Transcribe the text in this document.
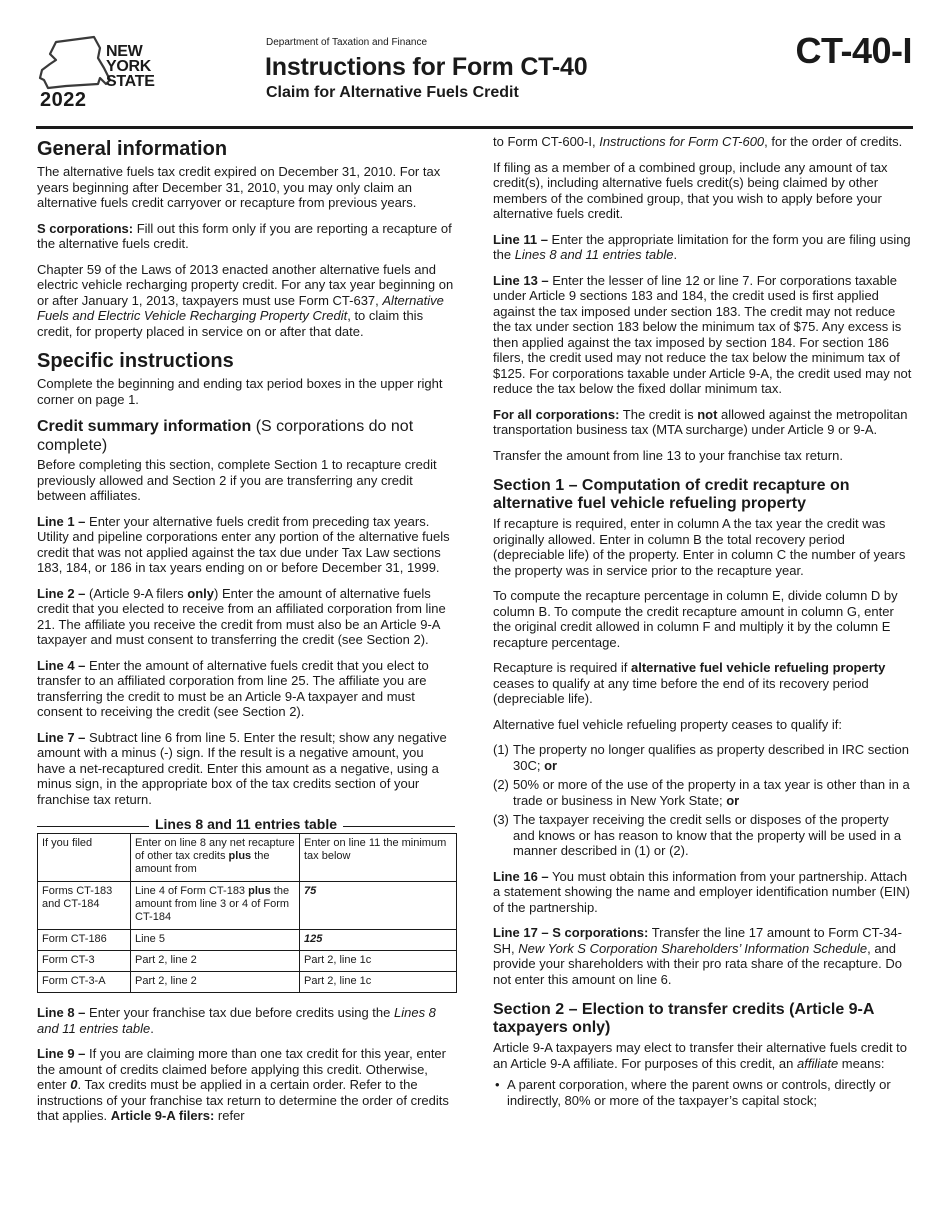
NEW
YORK
STATE
2022
Department of Taxation and Finance
Instructions for Form CT-40
Claim for Alternative Fuels Credit
CT-40-I
General information

The alternative fuels tax credit expired on December 31, 2010. For tax years beginning after December 31, 2010, you may only claim an alternative fuels credit carryover or recapture from previous years.

S corporations: Fill out this form only if you are reporting a recapture of the alternative fuels credit.

Chapter 59 of the Laws of 2013 enacted another alternative fuels and electric vehicle recharging property credit. For any tax year beginning on or after January 1, 2013, taxpayers must use Form CT-637, Alternative Fuels and Electric Vehicle Recharging Property Credit, to claim this credit, for property placed in service on or after that date.

Specific instructions

Complete the beginning and ending tax period boxes in the upper right corner on page 1.

Credit summary information (S corporations do not complete)

Before completing this section, complete Section 1 to recapture credit previously allowed and Section 2 if you are transferring any credit between affiliates.

Line 1 – Enter your alternative fuels credit from preceding tax years. Utility and pipeline corporations enter any portion of the alternative fuels credit that was not applied against the tax due under Tax Law sections 183, 184, or 186 in tax years ending on or before December 31, 1999.

Line 2 – (Article 9-A filers only) Enter the amount of alternative fuels credit that you elected to receive from an affiliated corporation from line 21. The affiliate you receive the credit from must also be an Article 9-A taxpayer and must consent to transferring the credit (see Section 2).

Line 4 – Enter the amount of alternative fuels credit that you elect to transfer to an affiliated corporation from line 25. The affiliate you are transferring the credit to must be an Article 9-A taxpayer and must consent to receiving the credit (see Section 2).

Line 7 – Subtract line 6 from line 5. Enter the result; show any negative amount with a minus (-) sign. If the result is a negative amount, you have a net-recaptured credit. Enter this amount as a negative, using a minus sign, in the appropriate box of the tax credits section of your franchise tax return.

Lines 8 and 11 entries table
If you filed	Enter on line 8 any net recapture of other tax credits plus the amount from	Enter on line 11 the minimum tax below
Forms CT-183 and CT-184	Line 4 of Form CT-183 plus the amount from line 3 or 4 of Form CT-184	75
Form CT-186	Line 5	125
Form CT-3	Part 2, line 2	Part 2, line 1c
Form CT-3-A	Part 2, line 2	Part 2, line 1c

Line 8 – Enter your franchise tax due before credits using the Lines 8 and 11 entries table.

Line 9 – If you are claiming more than one tax credit for this year, enter the amount of credits claimed before applying this credit. Otherwise, enter 0. Tax credits must be applied in a certain order. Refer to the instructions of your franchise tax return to determine the order of credits that applies. Article 9-A filers: refer

to Form CT-600-I, Instructions for Form CT-600, for the order of credits.

If filing as a member of a combined group, include any amount of tax credit(s), including alternative fuels credit(s) being claimed by other members of the combined group, that you wish to apply before your alternative fuels credit.

Line 11 – Enter the appropriate limitation for the form you are filing using the Lines 8 and 11 entries table.

Line 13 – Enter the lesser of line 12 or line 7. For corporations taxable under Article 9 sections 183 and 184, the credit used is first applied against the tax imposed under section 183. The credit may not reduce the tax under section 183 below the minimum tax of $75. Any excess is then applied against the tax imposed by section 184. For section 186 filers, the credit used may not reduce the tax below the minimum tax of $125. For corporations taxable under Article 9-A, the credit used may not reduce the tax below the fixed dollar minimum tax.

For all corporations: The credit is not allowed against the metropolitan transportation business tax (MTA surcharge) under Article 9 or 9-A.

Transfer the amount from line 13 to your franchise tax return.

Section 1 – Computation of credit recapture on alternative fuel vehicle refueling property

If recapture is required, enter in column A the tax year the credit was originally allowed. Enter in column B the total recovery period (depreciable life) of the property. Enter in column C the number of years the property was in service prior to the recapture year.

To compute the recapture percentage in column E, divide column D by column B. To compute the credit recapture amount in column G, enter the original credit allowed in column F and multiply it by the column E recapture percentage.

Recapture is required if alternative fuel vehicle refueling property ceases to qualify at any time before the end of its recovery period (depreciable life).

Alternative fuel vehicle refueling property ceases to qualify if:

(1) The property no longer qualifies as property described in IRC section 30C; or
(2) 50% or more of the use of the property in a tax year is other than in a trade or business in New York State; or
(3) The taxpayer receiving the credit sells or disposes of the property and knows or has reason to know that the property will be used in a manner described in (1) or (2).

Line 16 – You must obtain this information from your partnership. Attach a statement showing the name and employer identification number (EIN) of the partnership.

Line 17 – S corporations: Transfer the line 17 amount to Form CT-34-SH, New York S Corporation Shareholders’ Information Schedule, and provide your shareholders with their pro rata share of the recapture. Do not enter this amount on line 6.

Section 2 – Election to transfer credits (Article 9-A taxpayers only)

Article 9-A taxpayers may elect to transfer their alternative fuels credit to an Article 9-A affiliate. For purposes of this credit, an affiliate means:

• A parent corporation, where the parent owns or controls, directly or indirectly, 80% or more of the taxpayer’s capital stock;
